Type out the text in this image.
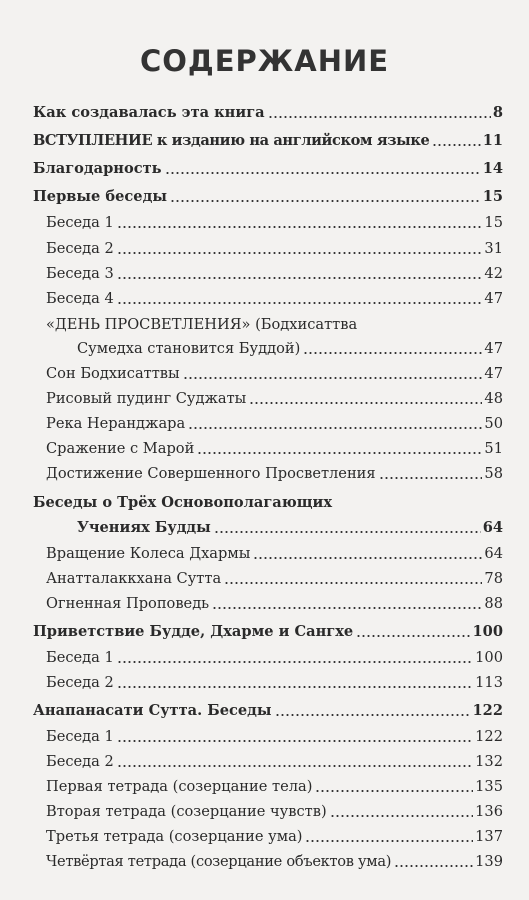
СОДЕРЖАНИЕ
Как создавалась эта книга	8
ВСТУПЛЕНИЕ к изданию на английском языке	11
Благодарность	14
Первые беседы	15
Беседа 1	15
Беседа 2	31
Беседа 3	42
Беседа 4	47
«ДЕНЬ ПРОСВЕТЛЕНИЯ» (Бодхисаттва
Сумедха становится Буддой)	47
Сон Бодхисаттвы	47
Рисовый пудинг Суджаты	48
Река Неранджара	50
Сражение с Марой	51
Достижение Совершенного Просветления	58
Беседы о Трёх Основополагающих
Учениях Будды	64
Вращение Колеса Дхармы	64
Анатталаккхана Сутта	78
Огненная Проповедь	88
Приветствие Будде, Дхарме и Сангхе	100
Беседа 1	100
Беседа 2	113
Анапанасати Сутта. Беседы	122
Беседа 1	122
Беседа 2	132
Первая тетрада (созерцание тела)	135
Вторая тетрада (созерцание чувств)	136
Третья тетрада (созерцание ума)	137
Четвёртая тетрада (созерцание объектов ума)	139
